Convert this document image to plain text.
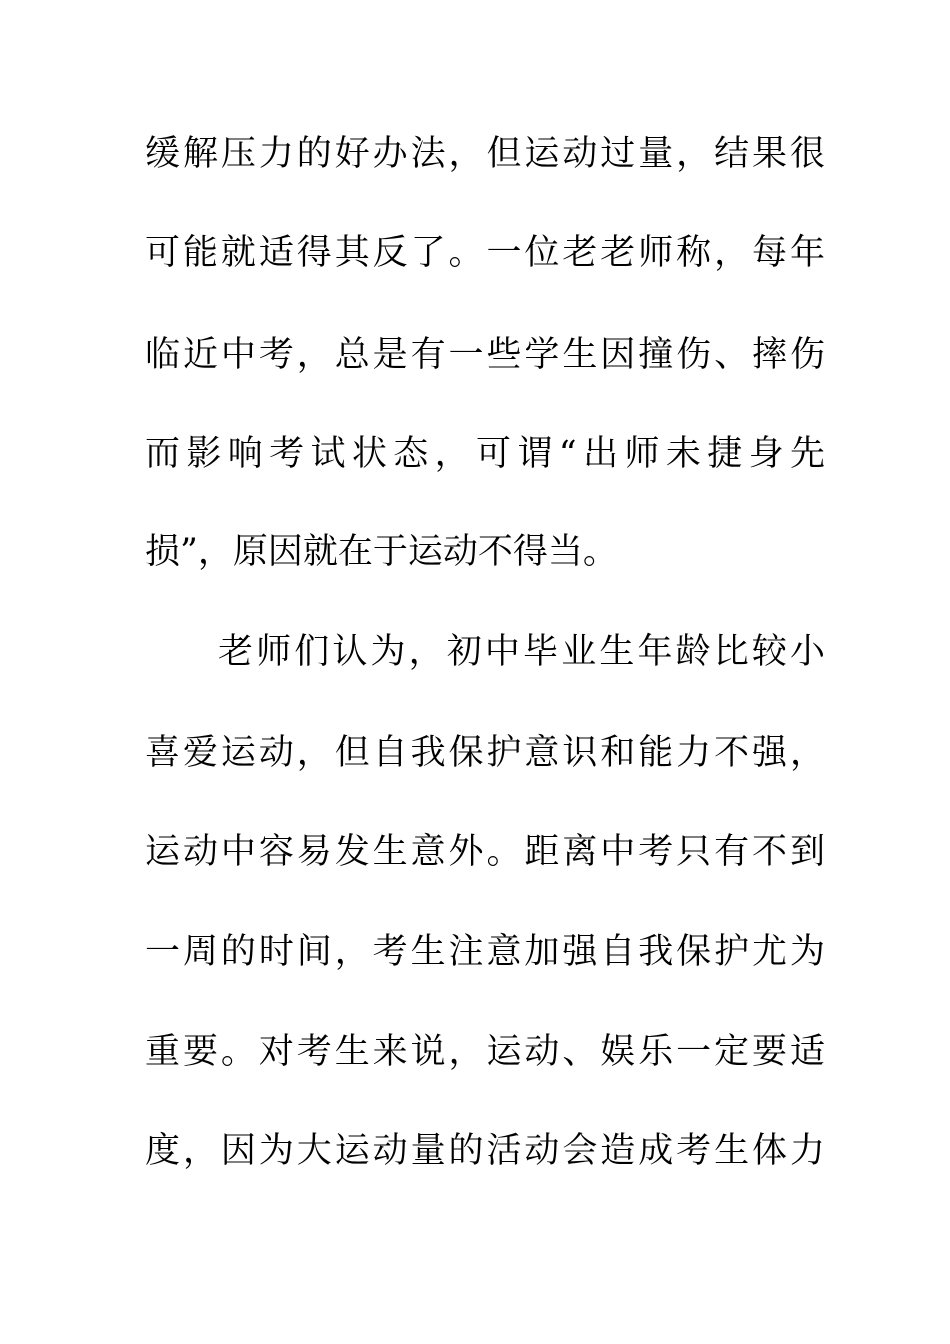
缓解压力的好办法，但运动过量，结果很
可能就适得其反了。一位老老师称，每年
临近中考，总是有一些学生因撞伤、摔伤
而影响考试状态，可谓“出师未捷身先
损”，原因就在于运动不得当。
老师们认为，初中毕业生年龄比较小
喜爱运动，但自我保护意识和能力不强，
运动中容易发生意外。距离中考只有不到
一周的时间，考生注意加强自我保护尤为
重要。对考生来说，运动、娱乐一定要适
度，因为大运动量的活动会造成考生体力
